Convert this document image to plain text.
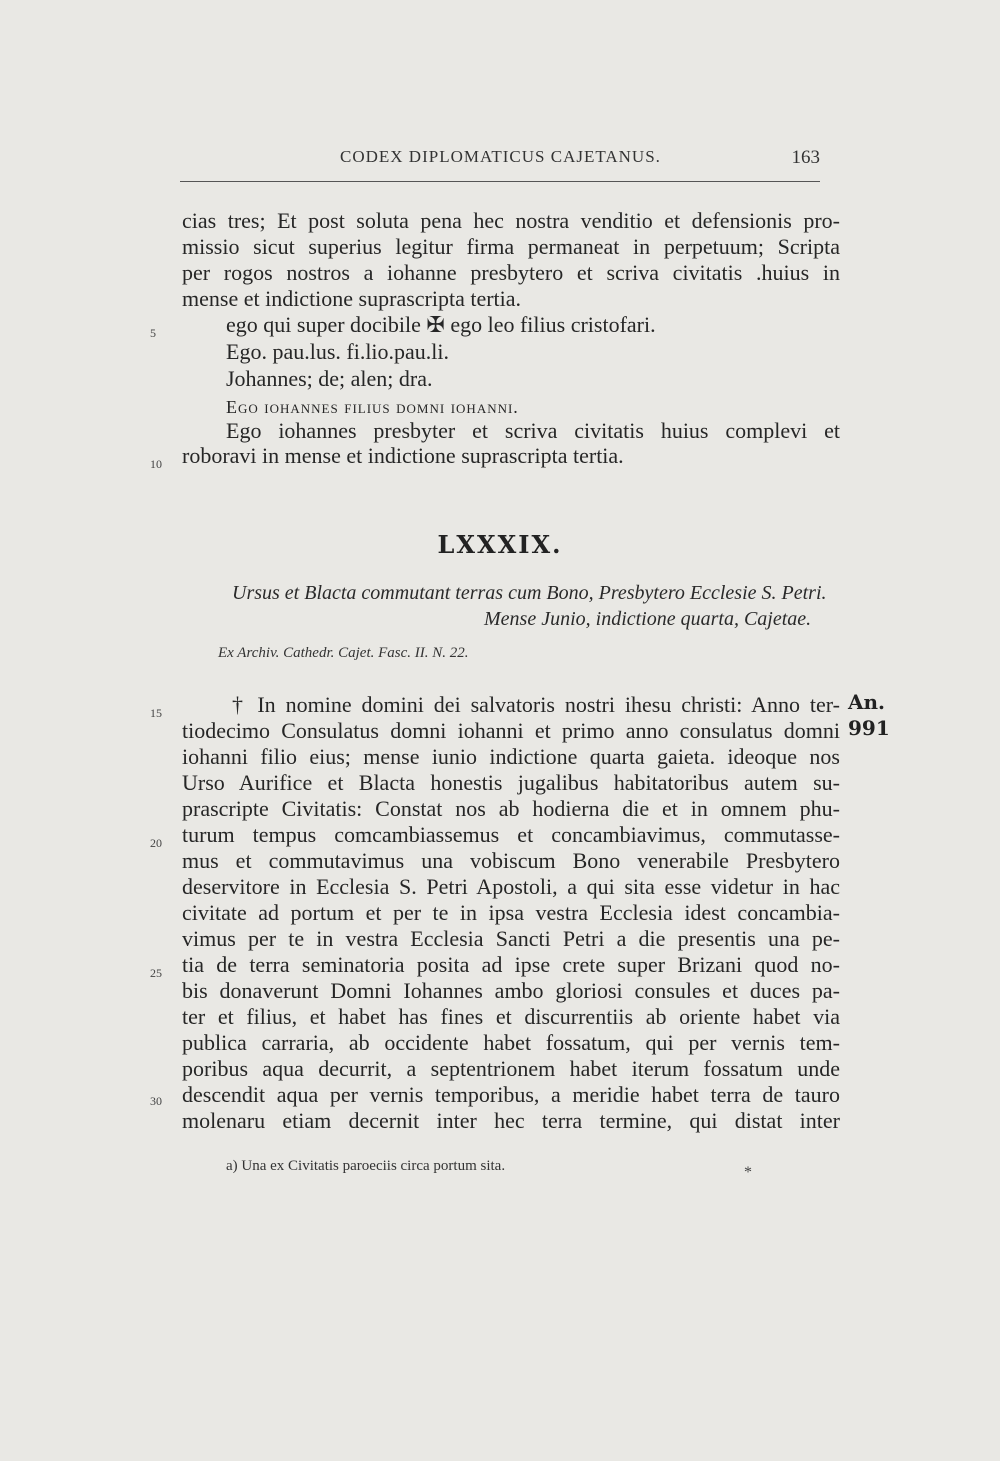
CODEX DIPLOMATICUS CAJETANUS.	163
cias tres; Et post soluta pena hec nostra venditio et defensionis pro-
missio sicut superius legitur firma permaneat in perpetuum; Scripta
per rogos nostros a iohanne presbytero et scriva civitatis .huius in
mense et indictione suprascripta tertia.
ego qui super docibile ✠ ego leo filius cristofari.
Ego. pau.lus. fi.lio.pau.li.
Johannes; de; alen; dra.
Ego iohannes filius domni iohanni.
Ego iohannes presbyter et scriva civitatis huius complevi et
roboravi in mense et indictione suprascripta tertia.
5
10
15
20
25
30
LXXXIX.
Ursus et Blacta commutant terras cum Bono, Presbytero Ecclesie S. Petri.
Mense Junio, indictione quarta, Cajetae.
Ex Archiv. Cathedr. Cajet. Fasc. II. N. 22.
An.
991
† In nomine domini dei salvatoris nostri ihesu christi: Anno ter-
tiodecimo Consulatus domni iohanni et primo anno consulatus domni
iohanni filio eius; mense iunio indictione quarta gaieta. ideoque nos
Urso Aurifice et Blacta honestis jugalibus habitatoribus autem su-
prascripte Civitatis: Constat nos ab hodierna die et in omnem phu-
turum tempus comcambiassemus et concambiavimus, commutasse-
mus et commutavimus una vobiscum Bono venerabile Presbytero
deservitore in Ecclesia S. Petri Apostoli, a qui sita esse videtur in hac
civitate ad portum et per te in ipsa vestra Ecclesia idest concambia-
vimus per te in vestra Ecclesia Sancti Petri a die presentis una pe-
tia de terra seminatoria posita ad ipse crete super Brizani quod no-
bis donaverunt Domni Iohannes ambo gloriosi consules et duces pa-
ter et filius, et habet has fines et discurrentiis ab oriente habet via
publica carraria, ab occidente habet fossatum, qui per vernis tem-
poribus aqua decurrit, a septentrionem habet iterum fossatum unde
descendit aqua per vernis temporibus, a meridie habet terra de tauro
molenaru etiam decernit inter hec terra termine, qui distat inter
a) Una ex Civitatis paroeciis circa portum sita.	*
